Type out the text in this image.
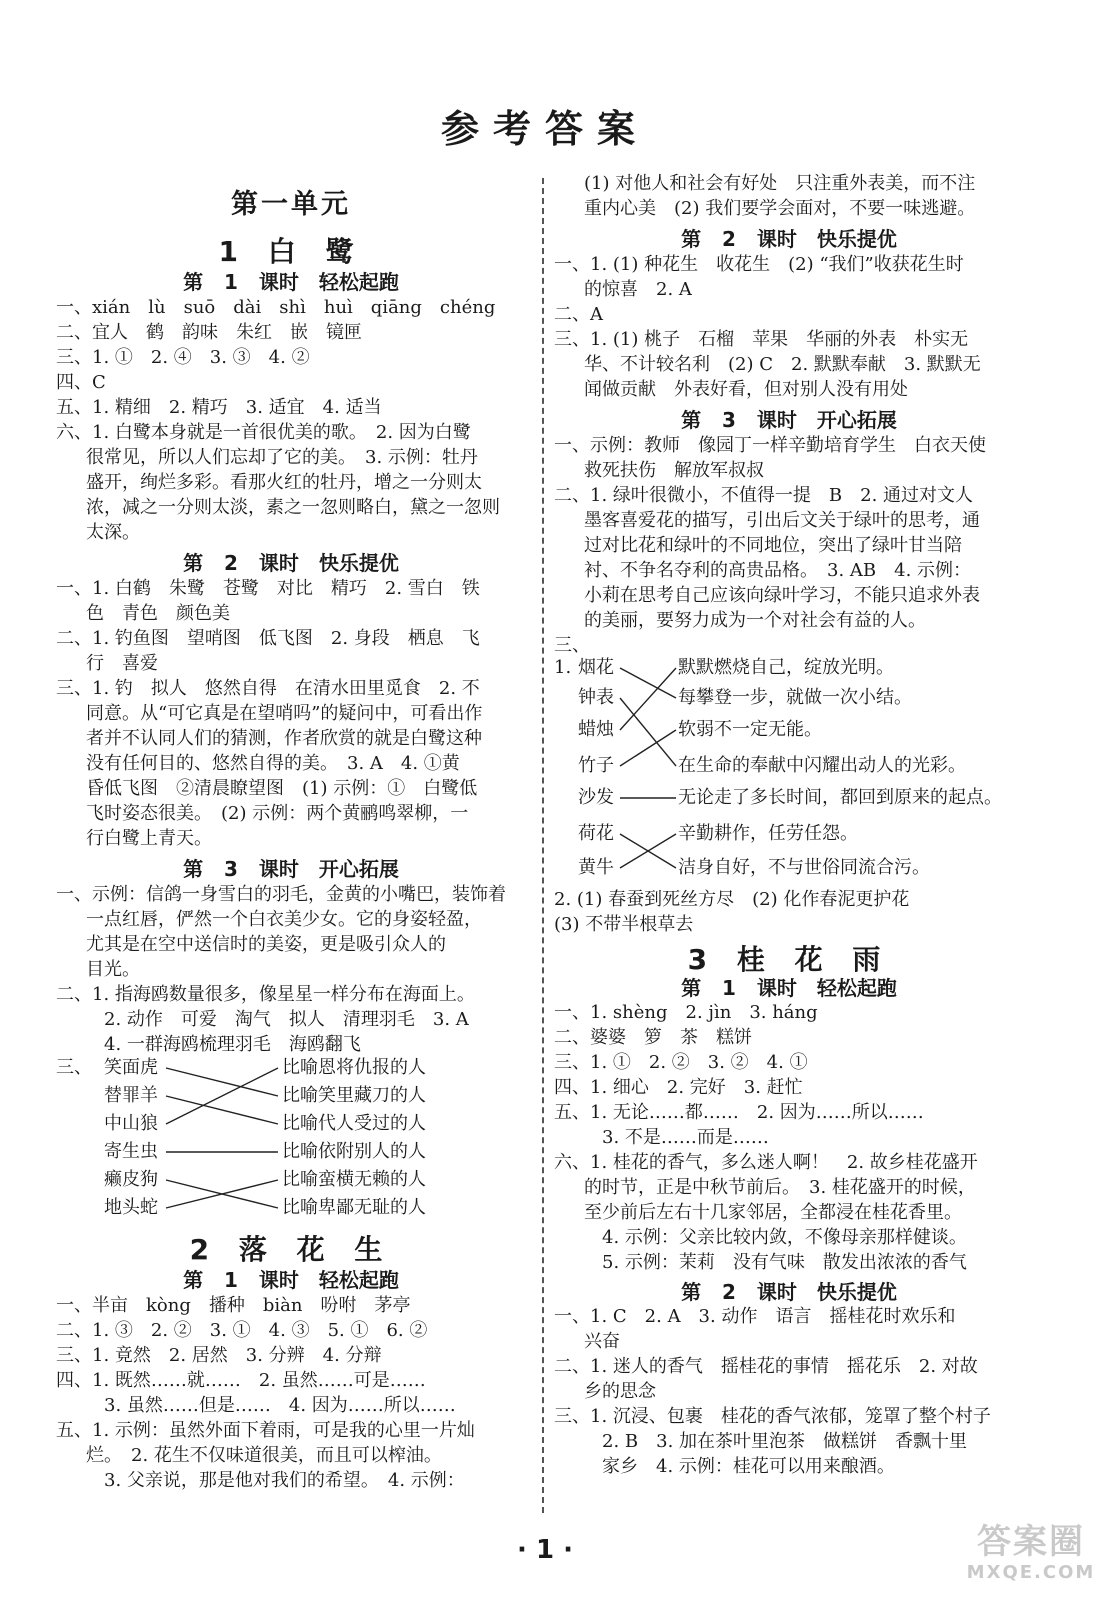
参考答案
第一单元
1 白 鹭
第 1 课时　轻松起跑
一、xián　lù　suō　dài　shì　huì　qiāng　chéng
二、宜人　鹤　韵味　朱红　嵌　镜匣
三、1. ①　2. ④　3. ③　4. ②
四、C
五、1. 精细　2. 精巧　3. 适宜　4. 适当
六、1. 白鹭本身就是一首很优美的歌。　2. 因为白鹭
很常见，所以人们忘却了它的美。　3. 示例：牡丹
盛开，绚烂多彩。看那火红的牡丹，增之一分则太
浓，减之一分则太淡，素之一忽则略白，黛之一忽则
太深。
第 2 课时　快乐提优
一、1. 白鹤　朱鹭　苍鹭　对比　精巧　2. 雪白　铁
色　青色　颜色美
二、1. 钓鱼图　望哨图　低飞图　2. 身段　栖息　飞
行　喜爱
三、1. 钓　拟人　悠然自得　在清水田里觅食　2. 不
同意。从“可它真是在望哨吗”的疑问中，可看出作
者并不认同人们的猜测，作者欣赏的就是白鹭这种
没有任何目的、悠然自得的美。　3. A　4. ①黄
昏低飞图　②清晨瞭望图　(1) 示例：①　白鹭低
飞时姿态很美。　(2) 示例：两个黄鹂鸣翠柳，一
行白鹭上青天。
第 3 课时　开心拓展
一、示例：信鸽一身雪白的羽毛，金黄的小嘴巴，装饰着
一点红唇，俨然一个白衣美少女。它的身姿轻盈，
尤其是在空中送信时的美姿，更是吸引众人的
目光。
二、1. 指海鸥数量很多，像星星一样分布在海面上。
2. 动作　可爱　淘气　拟人　清理羽毛　3. A
4. 一群海鸥梳理羽毛　海鸥翻飞
三、 笑面虎
替罪羊
中山狼
寄生虫
癞皮狗
地头蛇
比喻恩将仇报的人
比喻笑里藏刀的人
比喻代人受过的人
比喻依附别人的人
比喻蛮横无赖的人
比喻卑鄙无耻的人
2 落 花 生
第 1 课时　轻松起跑
一、半亩　kòng　播种　biàn　吩咐　茅亭
二、1. ③　2. ②　3. ①　4. ③　5. ①　6. ②
三、1. 竟然　2. 居然　3. 分辨　4. 分辩
四、1. 既然……就……　2. 虽然……可是……
3. 虽然……但是……　4. 因为……所以……
五、1. 示例：虽然外面下着雨，可是我的心里一片灿
烂。　2. 花生不仅味道很美，而且可以榨油。
3. 父亲说，那是他对我们的希望。　4. 示例：
(1) 对他人和社会有好处　只注重外表美，而不注
重内心美　(2) 我们要学会面对，不要一味逃避。
第 2 课时　快乐提优
一、1. (1) 种花生　收花生　(2) “我们”收获花生时
的惊喜　2. A
二、A
三、1. (1) 桃子　石榴　苹果　华丽的外表　朴实无
华、不计较名利　(2) C　2. 默默奉献　3. 默默无
闻做贡献　外表好看，但对别人没有用处
第 3 课时　开心拓展
一、示例：教师　像园丁一样辛勤培育学生　白衣天使
救死扶伤　解放军叔叔
二、1. 绿叶很微小，不值得一提　B　2. 通过对文人
墨客喜爱花的描写，引出后文关于绿叶的思考，通
过对比花和绿叶的不同地位，突出了绿叶甘当陪
衬、不争名夺利的高贵品格。　3. AB　4. 示例：
小莉在思考自己应该向绿叶学习，不能只追求外表
的美丽，要努力成为一个对社会有益的人。
三、
1. 烟花
钟表
蜡烛
竹子
沙发
荷花
黄牛
默默燃烧自己，绽放光明。
每攀登一步，就做一次小结。
软弱不一定无能。
在生命的奉献中闪耀出动人的光彩。
无论走了多长时间，都回到原来的起点。
辛勤耕作，任劳任怨。
洁身自好，不与世俗同流合污。
2. (1) 春蚕到死丝方尽　(2) 化作春泥更护花
(3) 不带半根草去
3 桂 花 雨
第 1 课时　轻松起跑
一、1. shèng　2. jìn　3. háng
二、婆婆　箩　茶　糕饼
三、1. ①　2. ②　3. ②　4. ①
四、1. 细心　2. 完好　3. 赶忙
五、1. 无论……都……　2. 因为……所以……
3. 不是……而是……
六、1. 桂花的香气，多么迷人啊！　2. 故乡桂花盛开
的时节，正是中秋节前后。　3. 桂花盛开的时候，
至少前后左右十几家邻居，全都浸在桂花香里。
4. 示例：父亲比较内敛，不像母亲那样健谈。
5. 示例：茉莉　没有气味　散发出浓浓的香气
第 2 课时　快乐提优
一、1. C　2. A　3. 动作　语言　摇桂花时欢乐和
兴奋
二、1. 迷人的香气　摇桂花的事情　摇花乐　2. 对故
乡的思念
三、1. 沉浸、包裹　桂花的香气浓郁，笼罩了整个村子
2. B　3. 加在茶叶里泡茶　做糕饼　香飘十里
家乡　4. 示例：桂花可以用来酿酒。
· 1 ·	答案圈
MXQE.COM
